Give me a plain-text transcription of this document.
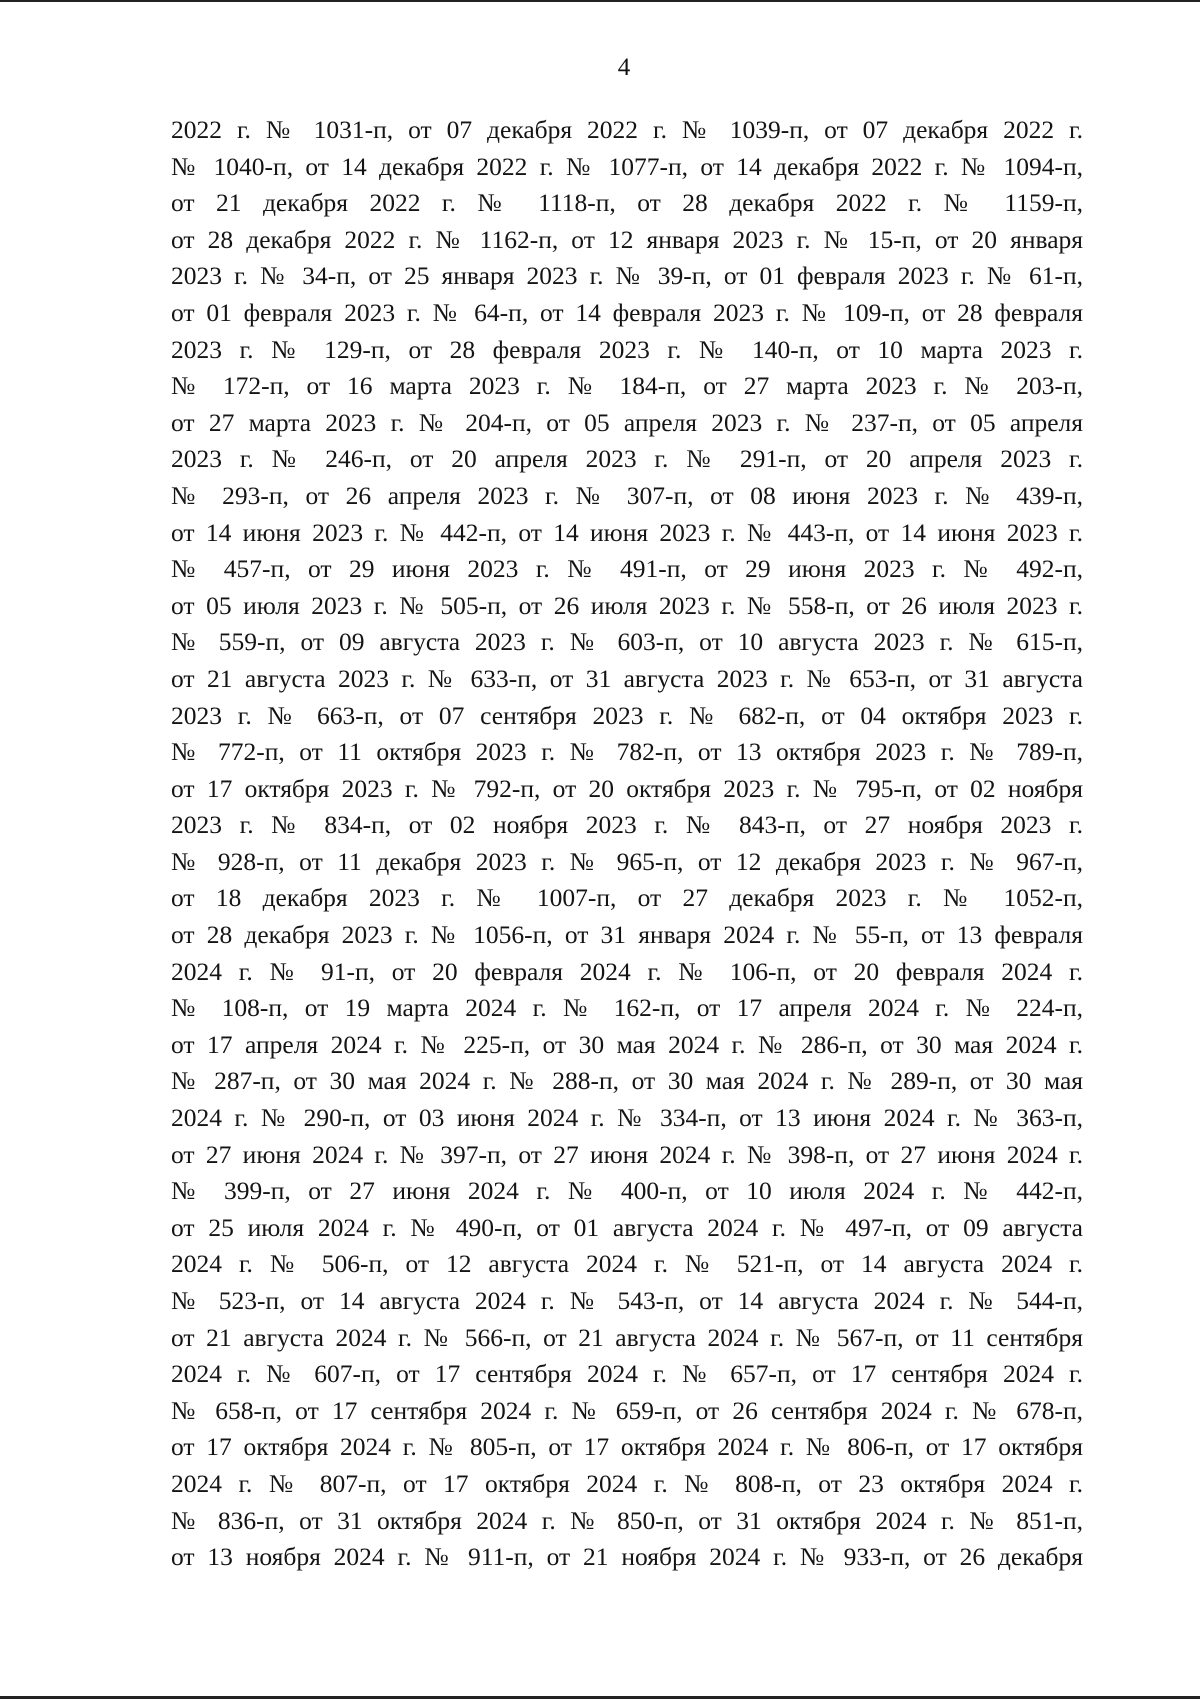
4
2022 г. № 1031-п, от 07 декабря 2022 г. № 1039-п, от 07 декабря 2022 г.
№ 1040-п, от 14 декабря 2022 г. № 1077-п, от 14 декабря 2022 г. № 1094-п,
от 21 декабря 2022 г. № 1118-п, от 28 декабря 2022 г. № 1159-п,
от 28 декабря 2022 г. № 1162-п, от 12 января 2023 г. № 15-п, от 20 января
2023 г. № 34-п, от 25 января 2023 г. № 39-п, от 01 февраля 2023 г. № 61-п,
от 01 февраля 2023 г. № 64-п, от 14 февраля 2023 г. № 109-п, от 28 февраля
2023 г. № 129-п, от 28 февраля 2023 г. № 140-п, от 10 марта 2023 г.
№ 172-п, от 16 марта 2023 г. № 184-п, от 27 марта 2023 г. № 203-п,
от 27 марта 2023 г. № 204-п, от 05 апреля 2023 г. № 237-п, от 05 апреля
2023 г. № 246-п, от 20 апреля 2023 г. № 291-п, от 20 апреля 2023 г.
№ 293-п, от 26 апреля 2023 г. № 307-п, от 08 июня 2023 г. № 439-п,
от 14 июня 2023 г. № 442-п, от 14 июня 2023 г. № 443-п, от 14 июня 2023 г.
№ 457-п, от 29 июня 2023 г. № 491-п, от 29 июня 2023 г. № 492-п,
от 05 июля 2023 г. № 505-п, от 26 июля 2023 г. № 558-п, от 26 июля 2023 г.
№ 559-п, от 09 августа 2023 г. № 603-п, от 10 августа 2023 г. № 615-п,
от 21 августа 2023 г. № 633-п, от 31 августа 2023 г. № 653-п, от 31 августа
2023 г. № 663-п, от 07 сентября 2023 г. № 682-п, от 04 октября 2023 г.
№ 772-п, от 11 октября 2023 г. № 782-п, от 13 октября 2023 г. № 789-п,
от 17 октября 2023 г. № 792-п, от 20 октября 2023 г. № 795-п, от 02 ноября
2023 г. № 834-п, от 02 ноября 2023 г. № 843-п, от 27 ноября 2023 г.
№ 928-п, от 11 декабря 2023 г. № 965-п, от 12 декабря 2023 г. № 967-п,
от 18 декабря 2023 г. № 1007-п, от 27 декабря 2023 г. № 1052-п,
от 28 декабря 2023 г. № 1056-п, от 31 января 2024 г. № 55-п, от 13 февраля
2024 г. № 91-п, от 20 февраля 2024 г. № 106-п, от 20 февраля 2024 г.
№ 108-п, от 19 марта 2024 г. № 162-п, от 17 апреля 2024 г. № 224-п,
от 17 апреля 2024 г. № 225-п, от 30 мая 2024 г. № 286-п, от 30 мая 2024 г.
№ 287-п, от 30 мая 2024 г. № 288-п, от 30 мая 2024 г. № 289-п, от 30 мая
2024 г. № 290-п, от 03 июня 2024 г. № 334-п, от 13 июня 2024 г. № 363-п,
от 27 июня 2024 г. № 397-п, от 27 июня 2024 г. № 398-п, от 27 июня 2024 г.
№ 399-п, от 27 июня 2024 г. № 400-п, от 10 июля 2024 г. № 442-п,
от 25 июля 2024 г. № 490-п, от 01 августа 2024 г. № 497-п, от 09 августа
2024 г. № 506-п, от 12 августа 2024 г. № 521-п, от 14 августа 2024 г.
№ 523-п, от 14 августа 2024 г. № 543-п, от 14 августа 2024 г. № 544-п,
от 21 августа 2024 г. № 566-п, от 21 августа 2024 г. № 567-п, от 11 сентября
2024 г. № 607-п, от 17 сентября 2024 г. № 657-п, от 17 сентября 2024 г.
№ 658-п, от 17 сентября 2024 г. № 659-п, от 26 сентября 2024 г. № 678-п,
от 17 октября 2024 г. № 805-п, от 17 октября 2024 г. № 806-п, от 17 октября
2024 г. № 807-п, от 17 октября 2024 г. № 808-п, от 23 октября 2024 г.
№ 836-п, от 31 октября 2024 г. № 850-п, от 31 октября 2024 г. № 851-п,
от 13 ноября 2024 г. № 911-п, от 21 ноября 2024 г. № 933-п, от 26 декабря
